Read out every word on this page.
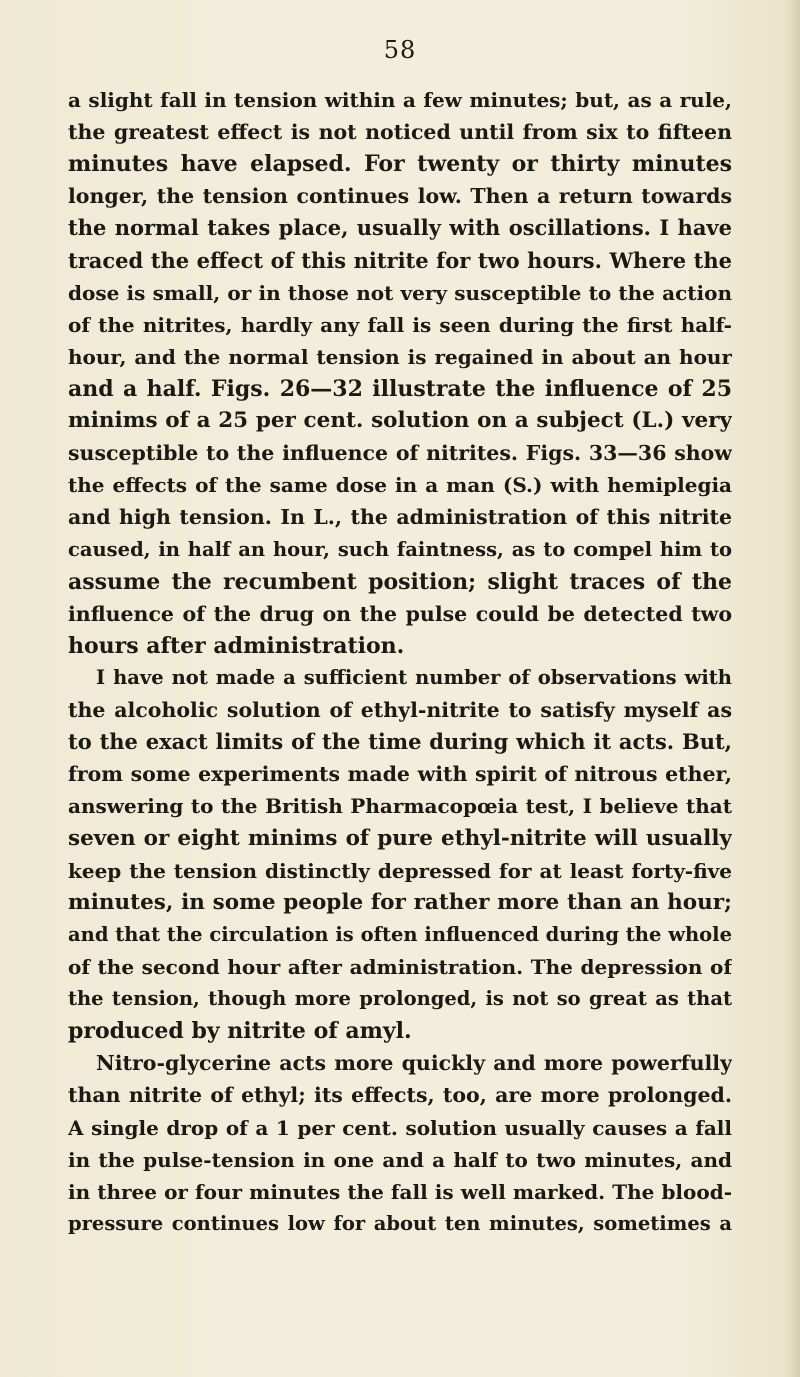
58
a slight fall in tension within a few minutes; but, as a rule,
the greatest effect is not noticed until from six to fifteen
minutes have elapsed. For twenty or thirty minutes
longer, the tension continues low. Then a return towards
the normal takes place, usually with oscillations. I have
traced the effect of this nitrite for two hours. Where the
dose is small, or in those not very susceptible to the action
of the nitrites, hardly any fall is seen during the first half-
hour, and the normal tension is regained in about an hour
and a half. Figs. 26—32 illustrate the influence of 25
minims of a 25 per cent. solution on a subject (L.) very
susceptible to the influence of nitrites. Figs. 33—36 show
the effects of the same dose in a man (S.) with hemiplegia
and high tension. In L., the administration of this nitrite
caused, in half an hour, such faintness, as to compel him to
assume the recumbent position; slight traces of the
influence of the drug on the pulse could be detected two
hours after administration.
I have not made a sufficient number of observations with
the alcoholic solution of ethyl-nitrite to satisfy myself as
to the exact limits of the time during which it acts. But,
from some experiments made with spirit of nitrous ether,
answering to the British Pharmacopœia test, I believe that
seven or eight minims of pure ethyl-nitrite will usually
keep the tension distinctly depressed for at least forty-five
minutes, in some people for rather more than an hour;
and that the circulation is often influenced during the whole
of the second hour after administration. The depression of
the tension, though more prolonged, is not so great as that
produced by nitrite of amyl.
Nitro-glycerine acts more quickly and more powerfully
than nitrite of ethyl; its effects, too, are more prolonged.
A single drop of a 1 per cent. solution usually causes a fall
in the pulse-tension in one and a half to two minutes, and
in three or four minutes the fall is well marked. The blood-
pressure continues low for about ten minutes, sometimes a
